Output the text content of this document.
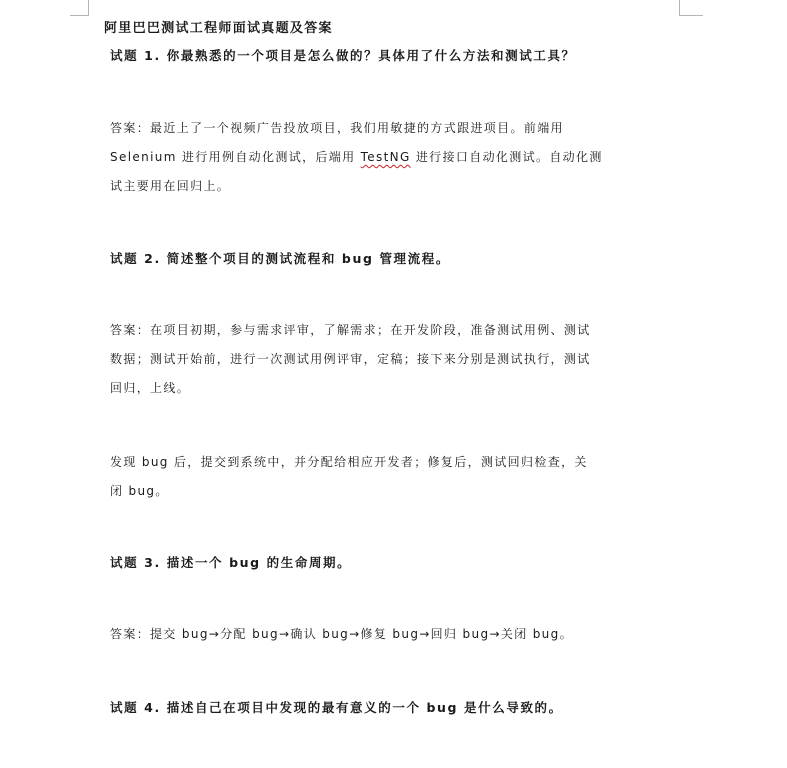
阿里巴巴测试工程师面试真题及答案
试题 1. 你最熟悉的一个项目是怎么做的？具体用了什么方法和测试工具？
答案：最近上了一个视频广告投放项目，我们用敏捷的方式跟进项目。前端用
Selenium 进行用例自动化测试，后端用 TestNG 进行接口自动化测试。自动化测
试主要用在回归上。
试题 2. 简述整个项目的测试流程和 bug 管理流程。
答案：在项目初期，参与需求评审，了解需求；在开发阶段，准备测试用例、测试
数据；测试开始前，进行一次测试用例评审，定稿；接下来分别是测试执行，测试
回归，上线。
发现 bug 后，提交到系统中，并分配给相应开发者；修复后，测试回归检查，关
闭 bug。
试题 3. 描述一个 bug 的生命周期。
答案：提交 bug→分配 bug→确认 bug→修复 bug→回归 bug→关闭 bug。
试题 4. 描述自己在项目中发现的最有意义的一个 bug 是什么导致的。
